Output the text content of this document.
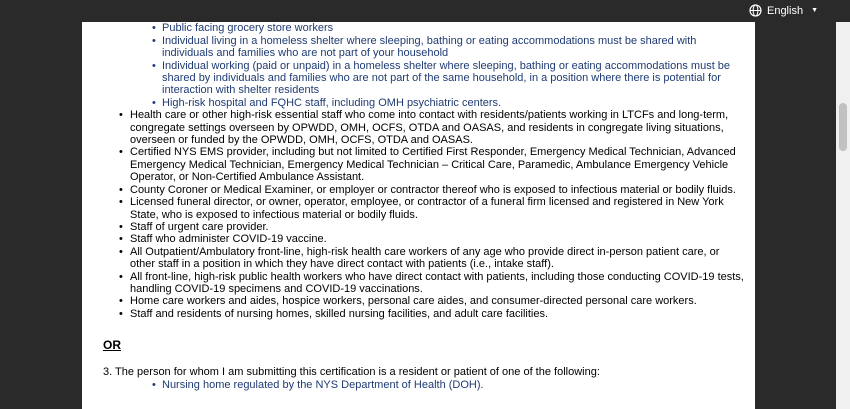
English ▼
•
• Public facing grocery store workers
• Individual living in a homeless shelter where sleeping, bathing or eating accommodations must be shared with individuals and families who are not part of your household
• Individual working (paid or unpaid) in a homeless shelter where sleeping, bathing or eating accommodations must be shared by individuals and families who are not part of the same household, in a position where there is potential for interaction with shelter residents
• High-risk hospital and FQHC staff, including OMH psychiatric centers.
• Health care or other high-risk essential staff who come into contact with residents/patients working in LTCFs and long-term, congregate settings overseen by OPWDD, OMH, OCFS, OTDA and OASAS, and residents in congregate living situations, overseen or funded by the OPWDD, OMH, OCFS, OTDA and OASAS.
• Certified NYS EMS provider, including but not limited to Certified First Responder, Emergency Medical Technician, Advanced Emergency Medical Technician, Emergency Medical Technician – Critical Care, Paramedic, Ambulance Emergency Vehicle Operator, or Non-Certified Ambulance Assistant.
• County Coroner or Medical Examiner, or employer or contractor thereof who is exposed to infectious material or bodily fluids.
• Licensed funeral director, or owner, operator, employee, or contractor of a funeral firm licensed and registered in New York State, who is exposed to infectious material or bodily fluids.
• Staff of urgent care provider.
• Staff who administer COVID-19 vaccine.
• All Outpatient/Ambulatory front-line, high-risk health care workers of any age who provide direct in-person patient care, or other staff in a position in which they have direct contact with patients (i.e., intake staff).
• All front-line, high-risk public health workers who have direct contact with patients, including those conducting COVID-19 tests, handling COVID-19 specimens and COVID-19 vaccinations.
• Home care workers and aides, hospice workers, personal care aides, and consumer-directed personal care workers.
• Staff and residents of nursing homes, skilled nursing facilities, and adult care facilities.
OR
3. The person for whom I am submitting this certification is a resident or patient of one of the following:
• Nursing home regulated by the NYS Department of Health (DOH).
